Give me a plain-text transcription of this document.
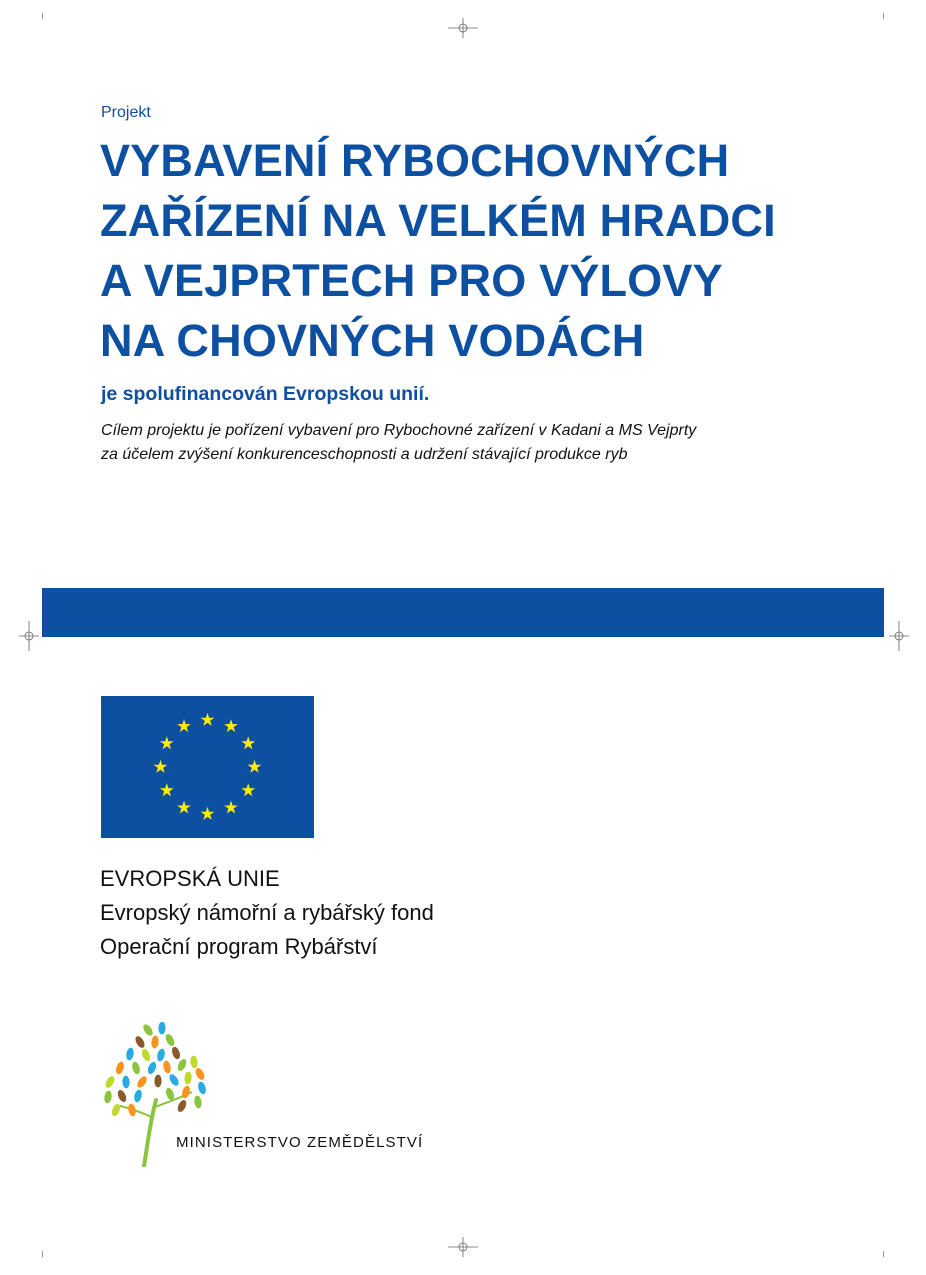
Projekt
VYBAVENÍ RYBOCHOVNÝCH
ZAŘÍZENÍ NA VELKÉM HRADCI
A VEJPRTECH PRO VÝLOVY
NA CHOVNÝCH VODÁCH
je spolufinancován Evropskou unií.
Cílem projektu je pořízení vybavení pro Rybochovné zařízení v Kadani a MS Vejprty
za účelem zvýšení konkurenceschopnosti a udržení stávající produkce ryb
EVROPSKÁ UNIE
Evropský námořní a rybářský fond
Operační program Rybářství
MINISTERSTVO ZEMĚDĚLSTVÍ
